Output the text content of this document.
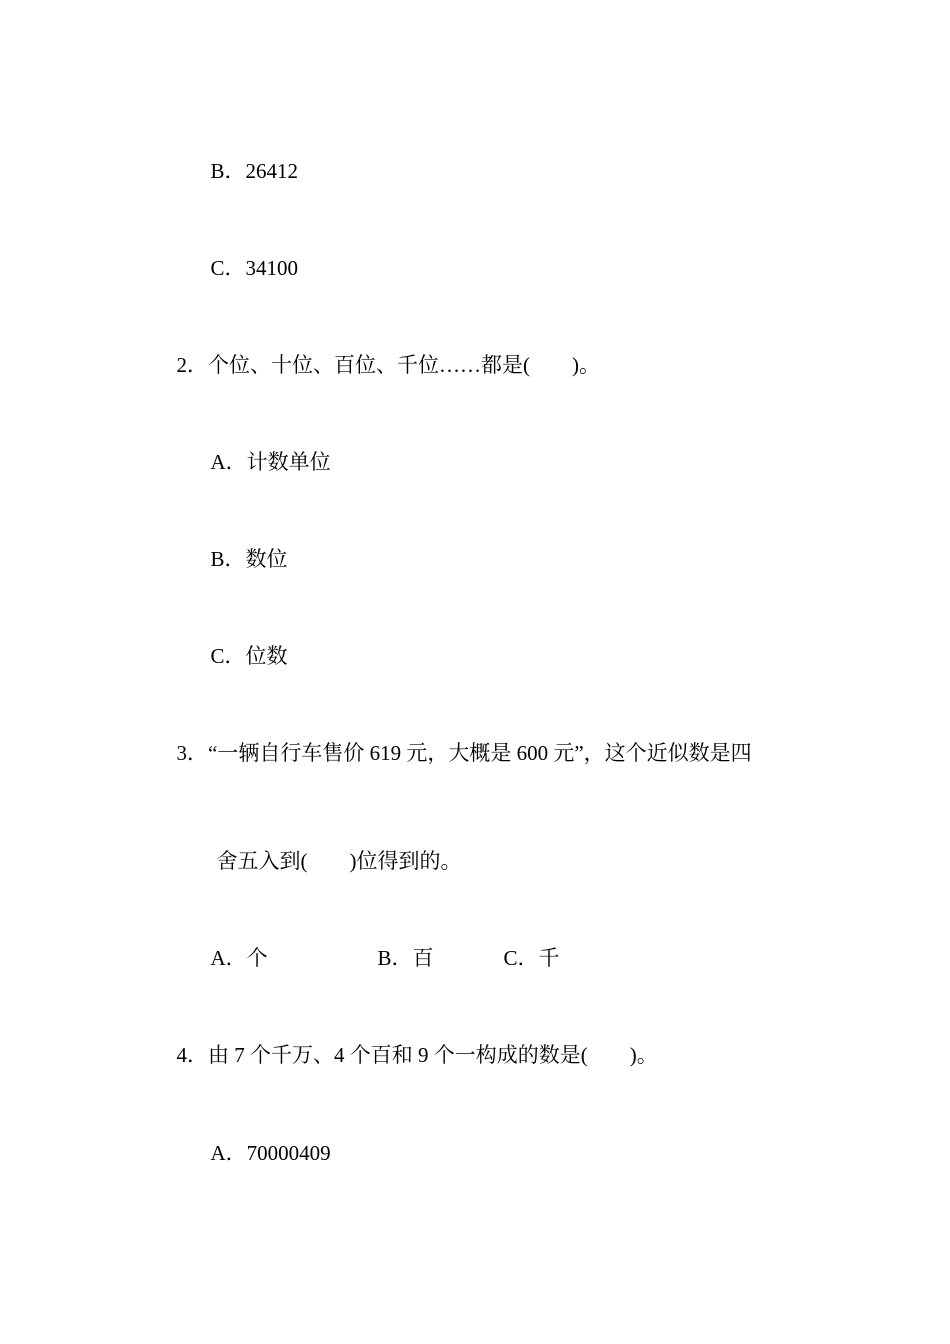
B．26412

C．34100

2．个位、十位、百位、千位……都是(　　)。

A．计数单位

B．数位

C．位数

3．“一辆自行车售价 619 元，大概是 600 元”，这个近似数是四

舍五入到(　　)位得到的。

A．个	B．百	C．千

4．由 7 个千万、4 个百和 9 个一构成的数是(　　)。

A．70000409
